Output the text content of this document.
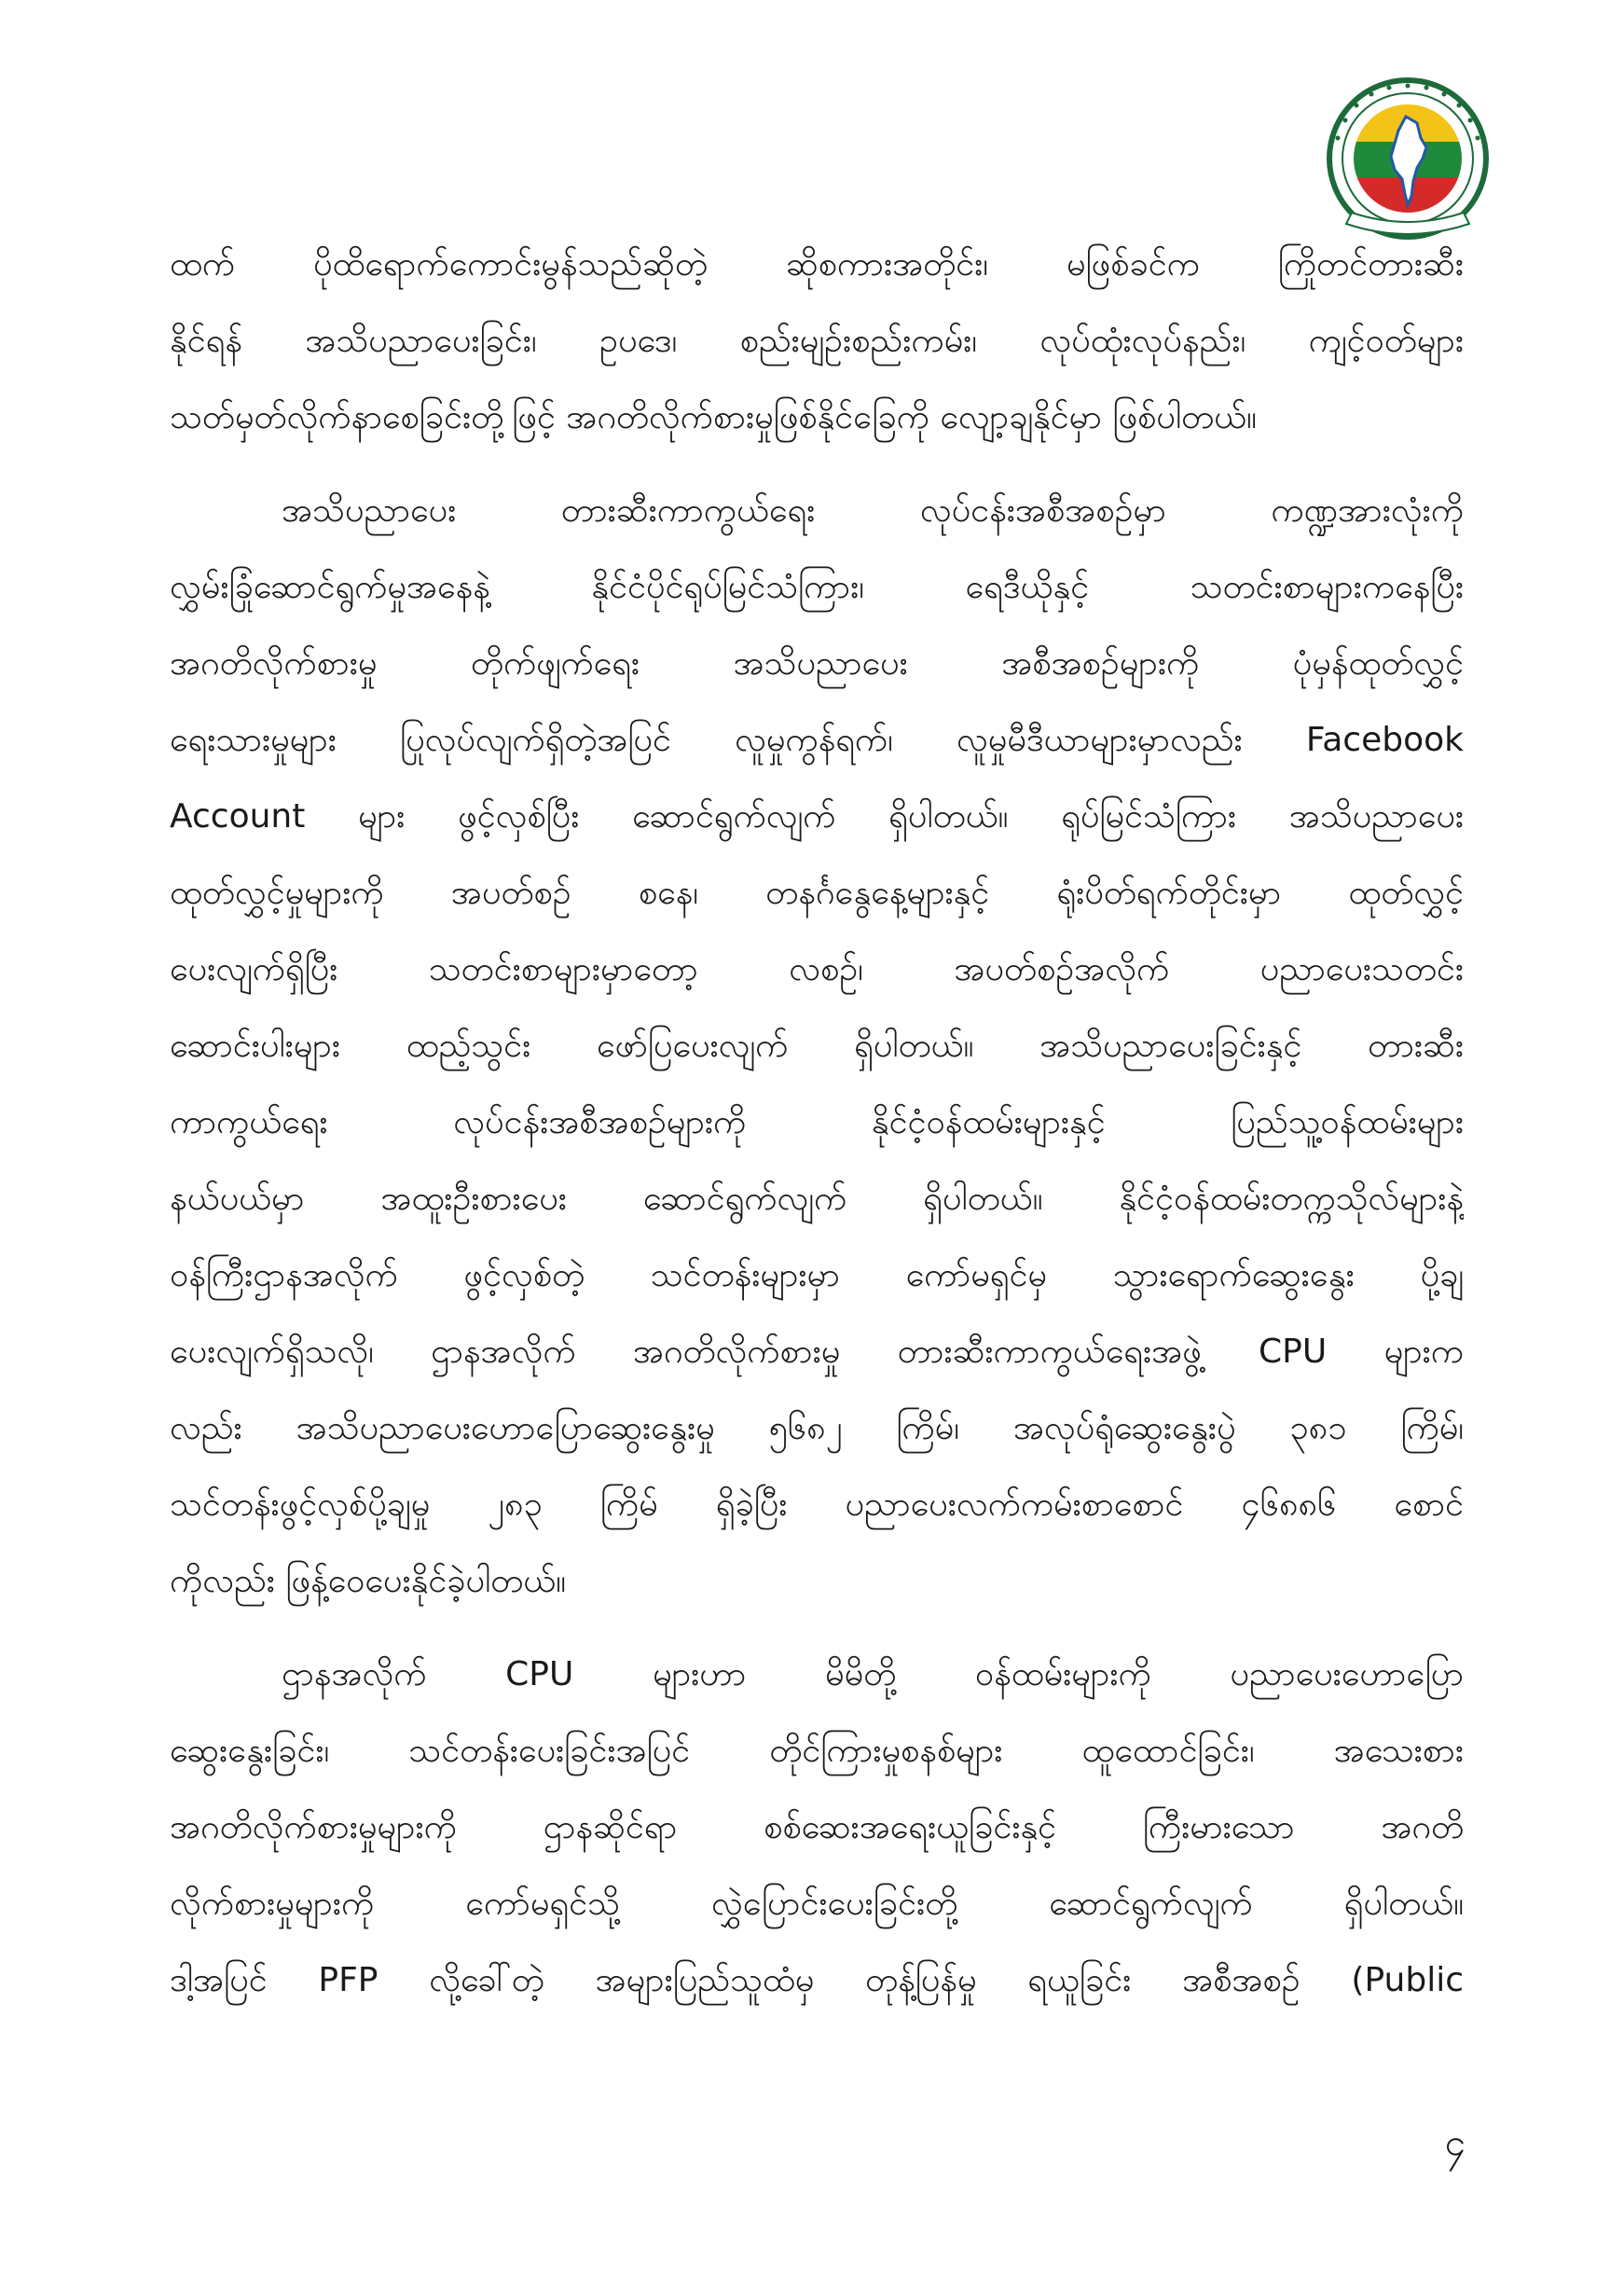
ထက် ပိုထိရောက်ကောင်းမွန်သည်ဆိုတဲ့ ဆိုစကားအတိုင်း၊ မဖြစ်ခင်က ကြိုတင်တားဆီး
နိုင်ရန် အသိပညာပေးခြင်း၊ ဥပဒေ၊ စည်းမျဉ်းစည်းကမ်း၊ လုပ်ထုံးလုပ်နည်း၊ ကျင့်ဝတ်များ
သတ်မှတ်လိုက်နာစေခြင်းတို့ဖြင့် အဂတိလိုက်စားမှုဖြစ်နိုင်ခြေကို လျော့ချနိုင်မှာ ဖြစ်ပါတယ်။
အသိပညာပေး တားဆီးကာကွယ်ရေး လုပ်ငန်းအစီအစဉ်မှာ ကဏ္ဍအားလုံးကို
လွှမ်းခြုံဆောင်ရွက်မှုအနေနဲ့ နိုင်ငံပိုင်ရုပ်မြင်သံကြား၊ ရေဒီယိုနှင့် သတင်းစာများကနေပြီး
အဂတိလိုက်စားမှု တိုက်ဖျက်ရေး အသိပညာပေး အစီအစဉ်များကို ပုံမှန်ထုတ်လွှင့်
ရေးသားမှုများ ပြုလုပ်လျက်ရှိတဲ့အပြင် လူမှုကွန်ရက်၊ လူမှုမီဒီယာများမှာလည်း Facebook
Account များ ဖွင့်လှစ်ပြီး ဆောင်ရွက်လျက် ရှိပါတယ်။ ရုပ်မြင်သံကြား အသိပညာပေး
ထုတ်လွှင့်မှုများကို အပတ်စဉ် စနေ၊ တနင်္ဂနွေနေ့များနှင့် ရုံးပိတ်ရက်တိုင်းမှာ ထုတ်လွှင့်
ပေးလျက်ရှိပြီး သတင်းစာများမှာတော့ လစဉ်၊ အပတ်စဉ်အလိုက် ပညာပေးသတင်း
ဆောင်းပါးများ ထည့်သွင်း ဖော်ပြပေးလျက် ရှိပါတယ်။ အသိပညာပေးခြင်းနှင့် တားဆီး
ကာကွယ်ရေး လုပ်ငန်းအစီအစဉ်များကို နိုင်ငံ့ဝန်ထမ်းများနှင့် ပြည်သူ့ဝန်ထမ်းများ
နယ်ပယ်မှာ အထူးဦးစားပေး ဆောင်ရွက်လျက် ရှိပါတယ်။ နိုင်ငံ့ဝန်ထမ်းတက္ကသိုလ်များနဲ့
ဝန်ကြီးဌာနအလိုက် ဖွင့်လှစ်တဲ့ သင်တန်းများမှာ ကော်မရှင်မှ သွားရောက်ဆွေးနွေး ပို့ချ
ပေးလျက်ရှိသလို၊ ဌာနအလိုက် အဂတိလိုက်စားမှု တားဆီးကာကွယ်ရေးအဖွဲ့ CPU များက
လည်း အသိပညာပေးဟောပြောဆွေးနွေးမှု ၅၆၈၂ ကြိမ်၊ အလုပ်ရုံဆွေးနွေးပွဲ ၃၈၁ ကြိမ်၊
သင်တန်းဖွင့်လှစ်ပို့ချမှု ၂၈၃ ကြိမ် ရှိခဲ့ပြီး ပညာပေးလက်ကမ်းစာစောင် ၄၆၈၈၆ စောင်
ကိုလည်း ဖြန့်ဝေပေးနိုင်ခဲ့ပါတယ်။
ဌာနအလိုက် CPU များဟာ မိမိတို့ ဝန်ထမ်းများကို ပညာပေးဟောပြော
ဆွေးနွေးခြင်း၊ သင်တန်းပေးခြင်းအပြင် တိုင်ကြားမှုစနစ်များ ထူထောင်ခြင်း၊ အသေးစား
အဂတိလိုက်စားမှုများကို ဌာနဆိုင်ရာ စစ်ဆေးအရေးယူခြင်းနှင့် ကြီးမားသော အဂတိ
လိုက်စားမှုများကို ကော်မရှင်သို့ လွှဲပြောင်းပေးခြင်းတို့ ဆောင်ရွက်လျက် ရှိပါတယ်။
ဒါ့အပြင် PFP လို့ခေါ်တဲ့ အများပြည်သူထံမှ တုန့်ပြန်မှု ရယူခြင်း အစီအစဉ် (Public
၄
